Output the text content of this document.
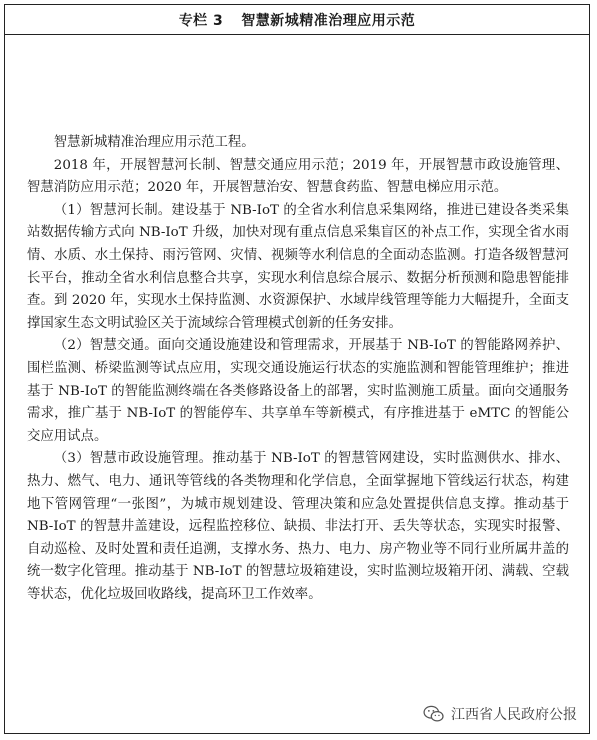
专栏 3 智慧新城精准治理应用示范

智慧新城精准治理应用示范工程。

2018 年，开展智慧河长制、智慧交通应用示范；2019 年，开展智慧市政设施管理、智慧消防应用示范；2020 年，开展智慧治安、智慧食药监、智慧电梯应用示范。

（1）智慧河长制。建设基于 NB-IoT 的全省水利信息采集网络，推进已建设各类采集站数据传输方式向 NB-IoT 升级，加快对现有重点信息采集盲区的补点工作，实现全省水雨情、水质、水土保持、雨污管网、灾情、视频等水利信息的全面动态监测。打造各级智慧河长平台，推动全省水利信息整合共享，实现水利信息综合展示、数据分析预测和隐患智能排查。到 2020 年，实现水土保持监测、水资源保护、水域岸线管理等能力大幅提升，全面支撑国家生态文明试验区关于流域综合管理模式创新的任务安排。

（2）智慧交通。面向交通设施建设和管理需求，开展基于 NB-IoT 的智能路网养护、围栏监测、桥梁监测等试点应用，实现交通设施运行状态的实施监测和智能管理维护；推进基于 NB-IoT 的智能监测终端在各类修路设备上的部署，实时监测施工质量。面向交通服务需求，推广基于 NB-IoT 的智能停车、共享单车等新模式，有序推进基于 eMTC 的智能公交应用试点。

（3）智慧市政设施管理。推动基于 NB-IoT 的智慧管网建设，实时监测供水、排水、热力、燃气、电力、通讯等管线的各类物理和化学信息，全面掌握地下管线运行状态，构建地下管网管理“一张图”，为城市规划建设、管理决策和应急处置提供信息支撑。推动基于 NB-IoT 的智慧井盖建设，远程监控移位、缺损、非法打开、丢失等状态，实现实时报警、自动巡检、及时处置和责任追溯，支撑水务、热力、电力、房产物业等不同行业所属井盖的统一数字化管理。推动基于 NB-IoT 的智慧垃圾箱建设，实时监测垃圾箱开闭、满载、空载等状态，优化垃圾回收路线，提高环卫工作效率。

江西省人民政府公报
